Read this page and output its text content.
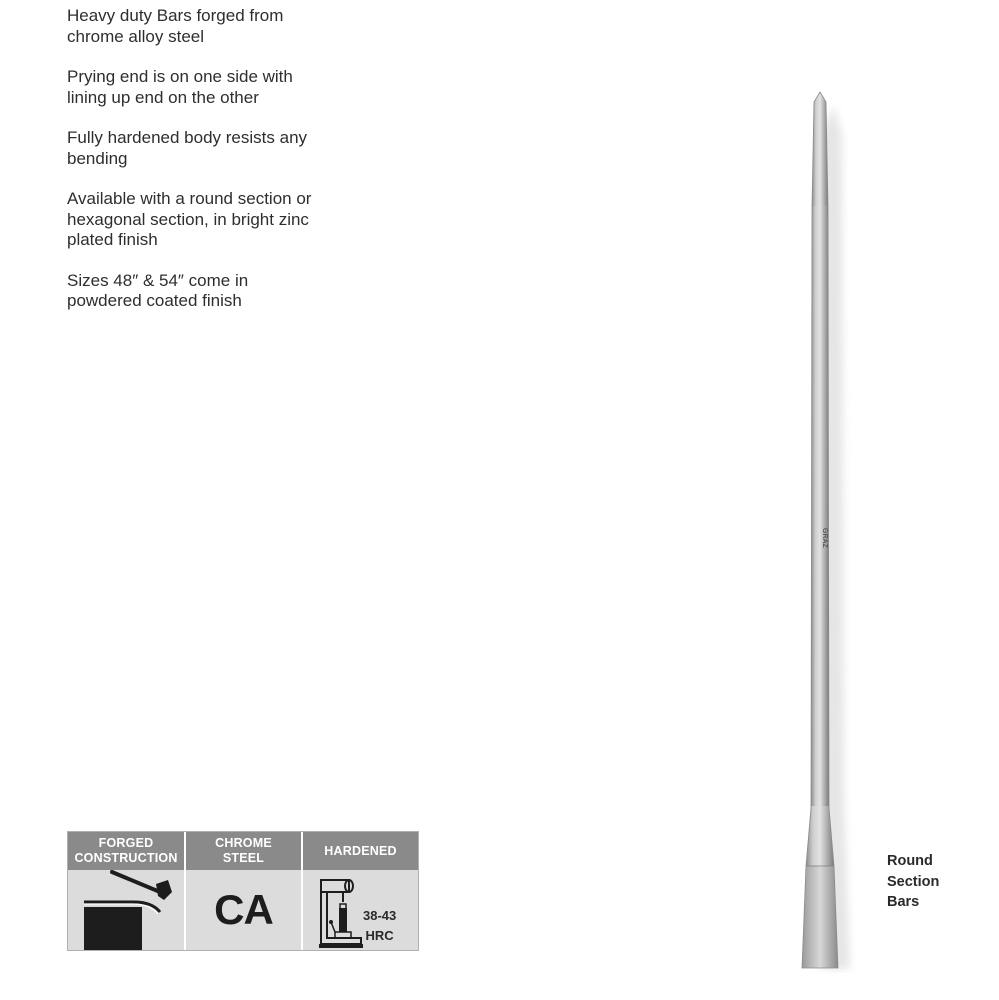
Heavy duty Bars forged from chrome alloy steel

Prying end is on one side with lining up end on the other

Fully hardened body resists any bending

Available with a round section or hexagonal section, in bright zinc plated finish

Sizes 48″ & 54″ come in powdered coated finish

FORGED
CONSTRUCTION
CHROME
STEEL
CA
HARDENED
38-43
HRC
GRAZ
Round
Section
Bars
